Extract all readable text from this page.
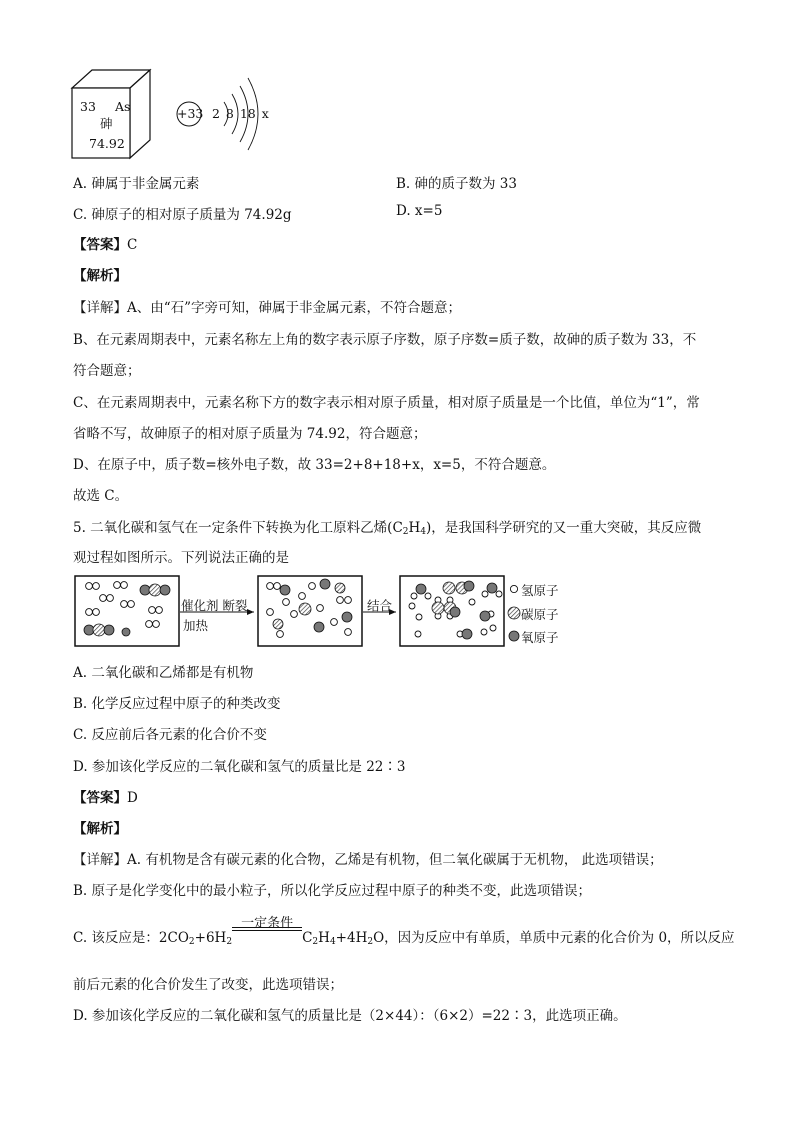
33 As
砷
74.92
+33 2 8 18 x
A. 砷属于非金属元素	B. 砷的质子数为 33
C. 砷原子的相对原子质量为 74.92g	D. x=5
【答案】C
【解析】
【详解】A、由“石”字旁可知，砷属于非金属元素，不符合题意；
B、在元素周期表中，元素名称左上角的数字表示原子序数，原子序数=质子数，故砷的质子数为 33，不
符合题意；
C、在元素周期表中，元素名称下方的数字表示相对原子质量，相对原子质量是一个比值，单位为“1”，常
省略不写，故砷原子的相对原子质量为 74.92，符合题意；
D、在原子中，质子数=核外电子数，故 33=2+8+18+x，x=5，不符合题意。
故选 C。
5. 二氧化碳和氢气在一定条件下转换为化工原料乙烯$(C_2H_4)$，是我国科学研究的又一重大突破，其反应微
观过程如图所示。下列说法正确的是
催化剂 断裂
加热
结合
氢原子
碳原子
氧原子
A. 二氧化碳和乙烯都是有机物
B. 化学反应过程中原子的种类改变
C. 反应前后各元素的化合价不变
D. 参加该化学反应的二氧化碳和氢气的质量比是 22∶3
【答案】D
【解析】
【详解】A. 有机物是含有碳元素的化合物，乙烯是有机物，但二氧化碳属于无机物， 此选项错误；
B. 原子是化学变化中的最小粒子，所以化学反应过程中原子的种类不变，此选项错误；
C. 该反应是：$2CO_2+6H_2$
一定条件
$C_2H_4+4H_2O$，因为反应中有单质，单质中元素的化合价为 0，所以反应
前后元素的化合价发生了改变，此选项错误；
D. 参加该化学反应的二氧化碳和氢气的质量比是（2×44）：（6×2）=22∶3，此选项正确。
